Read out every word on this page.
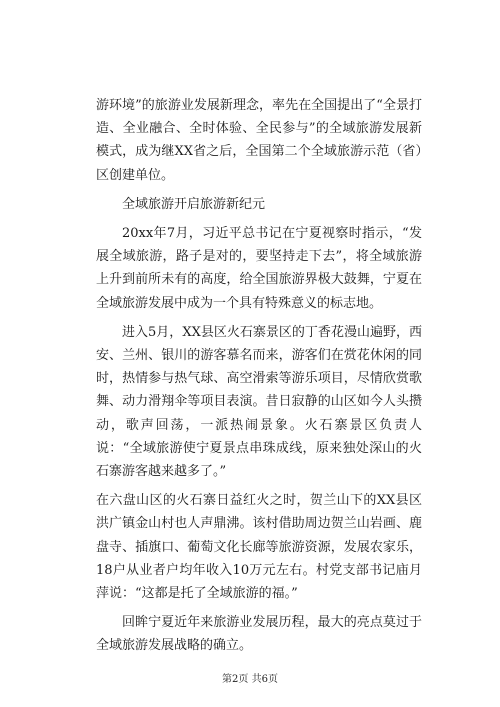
游环境”的旅游业发展新理念，率先在全国提出了“全景打造、全业融合、全时体验、全民参与”的全域旅游发展新模式，成为继XX省之后，全国第二个全域旅游示范（省）区创建单位。

全域旅游开启旅游新纪元

20xx年7月，习近平总书记在宁夏视察时指示，“发展全域旅游，路子是对的，要坚持走下去”，将全域旅游上升到前所未有的高度，给全国旅游界极大鼓舞，宁夏在全域旅游发展中成为一个具有特殊意义的标志地。

进入5月，XX县区火石寨景区的丁香花漫山遍野，西安、兰州、银川的游客慕名而来，游客们在赏花休闲的同时，热情参与热气球、高空滑索等游乐项目，尽情欣赏歌舞、动力滑翔伞等项目表演。昔日寂静的山区如今人头攒动，歌声回荡，一派热闹景象。火石寨景区负责人说：“全域旅游使宁夏景点串珠成线，原来独处深山的火石寨游客越来越多了。”

在六盘山区的火石寨日益红火之时，贺兰山下的XX县区洪广镇金山村也人声鼎沸。该村借助周边贺兰山岩画、鹿盘寺、插旗口、葡萄文化长廊等旅游资源，发展农家乐，18户从业者户均年收入10万元左右。村党支部书记庙月萍说：“这都是托了全域旅游的福。”

回眸宁夏近年来旅游业发展历程，最大的亮点莫过于全域旅游发展战略的确立。

第2页 共6页
